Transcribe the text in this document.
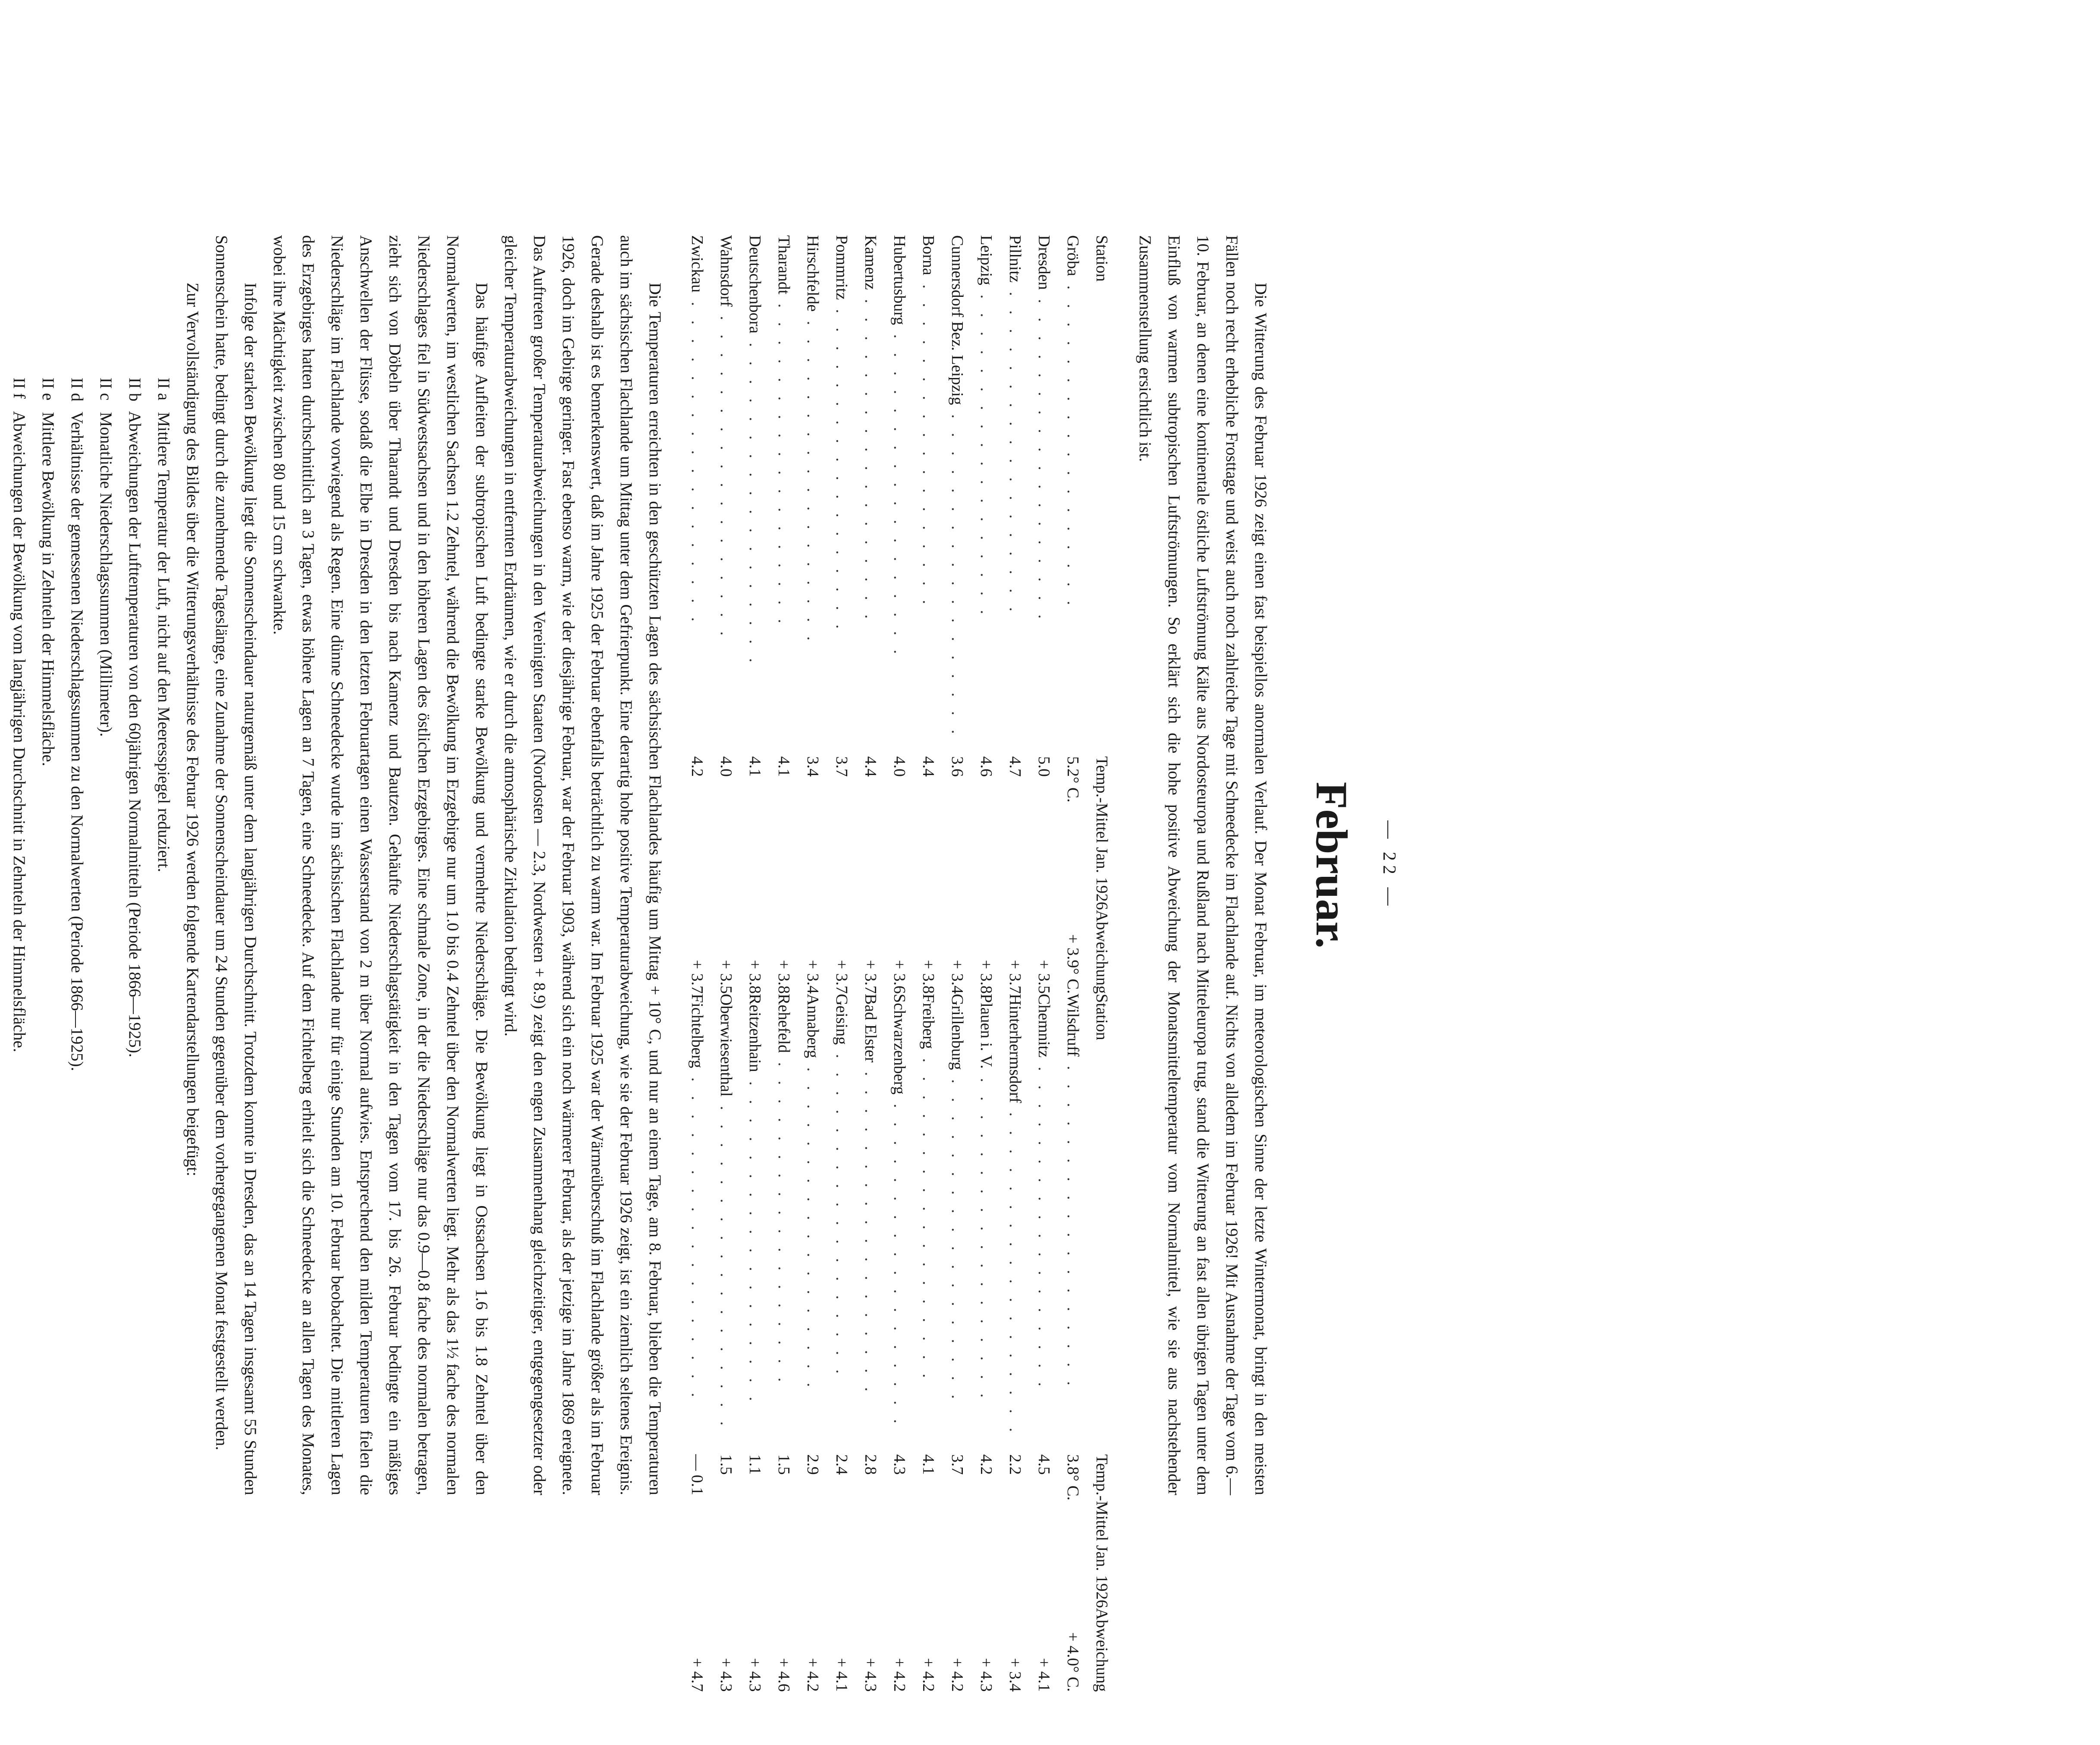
— 22 —
Februar.

Die Witterung des Februar 1926 zeigt einen fast beispiellos anormalen Verlauf. Der Monat Februar, im meteorologischen Sinne der letzte Wintermonat, bringt in den meisten Fällen noch recht erhebliche Frosttage und weist auch noch zahlreiche Tage mit Schneedecke im Flachlande auf. Nichts von alledem im Februar 1926! Mit Ausnahme der Tage vom 6.—10. Februar, an denen eine kontinentale östliche Luftströmung Kälte aus Nordosteuropa und Rußland nach Mitteleuropa trug, stand die Witterung an fast allen übrigen Tagen unter dem Einfluß von warmen subtropischen Luftströmungen. So erklärt sich die hohe positive Abweichung der Monatsmitteltemperatur vom Normalmittel, wie sie aus nachstehender Zusammenstellung ersichtlich ist.

Station	Temp.-Mittel Jan. 1926	Abweichung
Gröba . . . . . . . . . . . . . . . . . .	5.2° C.	+ 3.9° C.
Dresden . . . . . . . . . . . . . . . . . .	5.0	+ 3.5
Pillnitz . . . . . . . . . . . . . . . . . .	4.7	+ 3.7
Leipzig . . . . . . . . . . . . . . . . . .	4.6	+ 3.8
Cunnersdorf Bez. Leipzig . . . . . . . . . . . . . . . . . .	3.6	+ 3.4
Borna . . . . . . . . . . . . . . . . . .	4.4	+ 3.8
Hubertusburg . . . . . . . . . . . . . . . . . .	4.0	+ 3.6
Kamenz . . . . . . . . . . . . . . . . . .	4.4	+ 3.7
Pommritz . . . . . . . . . . . . . . . . . .	3.7	+ 3.7
Hirschfelde . . . . . . . . . . . . . . . . . .	3.4	+ 3.4
Tharandt . . . . . . . . . . . . . . . . . .	4.1	+ 3.8
Deutschenbora . . . . . . . . . . . . . . . . . .	4.1	+ 3.8
Wahnsdorf . . . . . . . . . . . . . . . . . .	4.0	+ 3.5
Zwickau . . . . . . . . . . . . . . . . . .	4.2	+ 3.7
Station	Temp.-Mittel Jan. 1926	Abweichung
Wilsdruff . . . . . . . . . . . . . . . . . .	3.8° C.	+ 4.0° C.
Chemnitz . . . . . . . . . . . . . . . . . .	4.5	+ 4.1
Hinterhermsdorf . . . . . . . . . . . . . . . . . .	2.2	+ 3.4
Plauen i. V. . . . . . . . . . . . . . . . . . .	4.2	+ 4.3
Grillenburg . . . . . . . . . . . . . . . . . .	3.7	+ 4.2
Freiberg . . . . . . . . . . . . . . . . . .	4.1	+ 4.2
Schwarzenberg . . . . . . . . . . . . . . . . . .	4.3	+ 4.2
Bad Elster . . . . . . . . . . . . . . . . . .	2.8	+ 4.3
Geising . . . . . . . . . . . . . . . . . .	2.4	+ 4.1
Annaberg . . . . . . . . . . . . . . . . . .	2.9	+ 4.2
Rehefeld . . . . . . . . . . . . . . . . . .	1.5	+ 4.6
Reitzenhain . . . . . . . . . . . . . . . . . .	1.1	+ 4.3
Oberwiesenthal . . . . . . . . . . . . . . . . . .	1.5	+ 4.3
Fichtelberg . . . . . . . . . . . . . . . . . .	— 0.1	+ 4.7

Die Temperaturen erreichten in den geschützten Lagen des sächsischen Flachlandes häufig um Mittag + 10° C, und nur an einem Tage, am 8. Februar, blieben die Temperaturen auch im sächsischen Flachlande um Mittag unter dem Gefrierpunkt. Eine derartig hohe positive Temperaturabweichung, wie sie der Februar 1926 zeigt, ist ein ziemlich seltenes Ereignis. Gerade deshalb ist es bemerkenswert, daß im Jahre 1925 der Februar ebenfalls beträchtlich zu warm war. Im Februar 1925 war der Wärmeüberschuß im Flachlande größer als im Februar 1926, doch im Gebirge geringer. Fast ebenso warm, wie der diesjährige Februar, war der Februar 1903, während sich ein noch wärmerer Februar, als der jetzige im Jahre 1869 ereignete. Das Auftreten großer Temperaturabweichungen in den Vereinigten Staaten (Nordosten — 2.3, Nordwesten + 8.9) zeigt den engen Zusammenhang gleichzeitiger, entgegengesetzter oder gleicher Temperaturabweichungen in entfernten Erdräumen, wie er durch die atmosphärische Zirkulation bedingt wird.

Das häufige Aufleiten der subtropischen Luft bedingte starke Bewölkung und vermehrte Niederschläge. Die Bewölkung liegt in Ostsachsen 1.6 bis 1.8 Zehntel über den Normalwerten, im westlichen Sachsen 1.2 Zehntel, während die Bewölkung im Erzgebirge nur um 1.0 bis 0.4 Zehntel über den Normalwerten liegt. Mehr als das 1½ fache des normalen Niederschlages fiel in Südwestsachsen und in den höheren Lagen des östlichen Erzgebirges. Eine schmale Zone, in der die Niederschläge nur das 0.9—0.8 fache des normalen betragen, zieht sich von Döbeln über Tharandt und Dresden bis nach Kamenz und Bautzen. Gehäufte Niederschlagstätigkeit in den Tagen vom 17. bis 26. Februar bedingte ein mäßiges Anschwellen der Flüsse, sodaß die Elbe in Dresden in den letzten Februartagen einen Wasserstand von 2 m über Normal aufwies. Entsprechend den milden Temperaturen fielen die Niederschläge im Flachlande vorwiegend als Regen. Eine dünne Schneedecke wurde im sächsischen Flachlande nur für einige Stunden am 10. Februar beobachtet. Die mittleren Lagen des Erzgebirges hatten durchschnittlich an 3 Tagen, etwas höhere Lagen an 7 Tagen, eine Schneedecke. Auf dem Fichtelberg erhielt sich die Schneedecke an allen Tagen des Monates, wobei ihre Mächtigkeit zwischen 80 und 15 cm schwankte.

Infolge der starken Bewölkung liegt die Sonnenscheindauer naturgemäß unter dem langjährigen Durchschnitt. Trotzdem konnte in Dresden, das an 14 Tagen insgesamt 55 Stunden Sonnenschein hatte, bedingt durch die zunehmende Tageslänge, eine Zunahme der Sonnenscheindauer um 24 Stunden gegenüber dem vorhergegangenen Monat festgestellt werden.

Zur Vervollständigung des Bildes über die Witterungsverhältnisse des Februar 1926 werden folgende Kartendarstellungen beigefügt:

II a Mittlere Temperatur der Luft, nicht auf den Meeresspiegel reduziert.
II b Abweichungen der Lufttemperaturen von den 60jährigen Normalmitteln (Periode 1866—1925).
II c Monatliche Niederschlagssummen (Millimeter).
II d Verhältnisse der gemessenen Niederschlagssummen zu den Normalwerten (Periode 1866—1925).
II e Mittlere Bewölkung in Zehnteln der Himmelsfläche.
II f Abweichungen der Bewölkung vom langjährigen Durchschnitt in Zehnteln der Himmelsfläche.
